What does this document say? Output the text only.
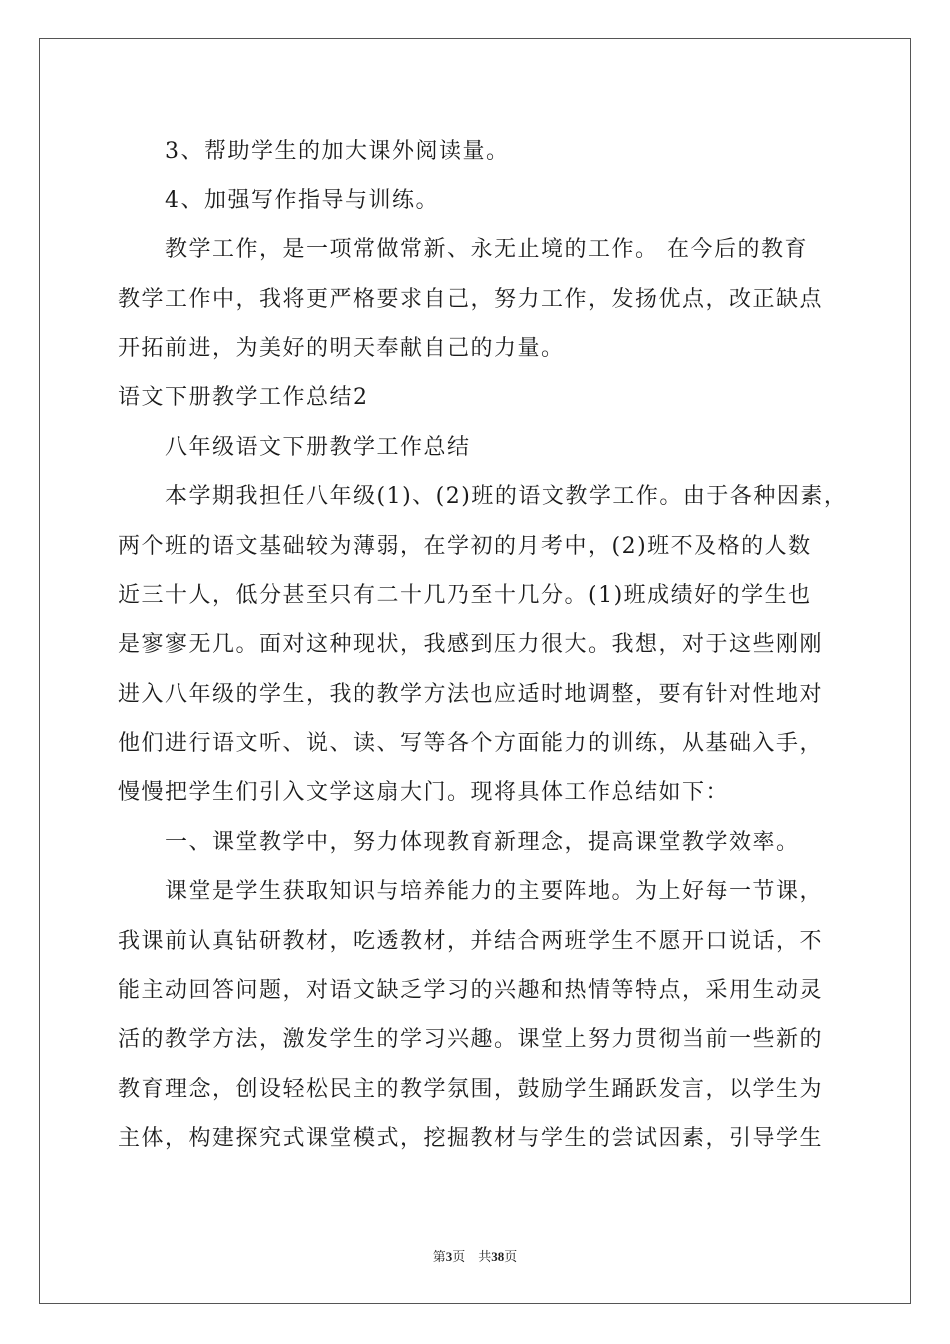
　　3、帮助学生的加大课外阅读量。
　　4、加强写作指导与训练。
　　教学工作，是一项常做常新、永无止境的工作。 在今后的教育
教学工作中，我将更严格要求自己，努力工作，发扬优点，改正缺点
开拓前进，为美好的明天奉献自己的力量。
语文下册教学工作总结2
　　八年级语文下册教学工作总结
　　本学期我担任八年级(1)、(2)班的语文教学工作。由于各种因素，
两个班的语文基础较为薄弱，在学初的月考中，(2)班不及格的人数
近三十人，低分甚至只有二十几乃至十几分。(1)班成绩好的学生也
是寥寥无几。面对这种现状，我感到压力很大。我想，对于这些刚刚
进入八年级的学生，我的教学方法也应适时地调整，要有针对性地对
他们进行语文听、说、读、写等各个方面能力的训练，从基础入手，
慢慢把学生们引入文学这扇大门。现将具体工作总结如下：
　　一、课堂教学中，努力体现教育新理念，提高课堂教学效率。
　　课堂是学生获取知识与培养能力的主要阵地。为上好每一节课，
我课前认真钻研教材，吃透教材，并结合两班学生不愿开口说话，不
能主动回答问题，对语文缺乏学习的兴趣和热情等特点，采用生动灵
活的教学方法，激发学生的学习兴趣。课堂上努力贯彻当前一些新的
教育理念，创设轻松民主的教学氛围，鼓励学生踊跃发言，以学生为
主体，构建探究式课堂模式，挖掘教材与学生的尝试因素，引导学生
第3页 共38页
